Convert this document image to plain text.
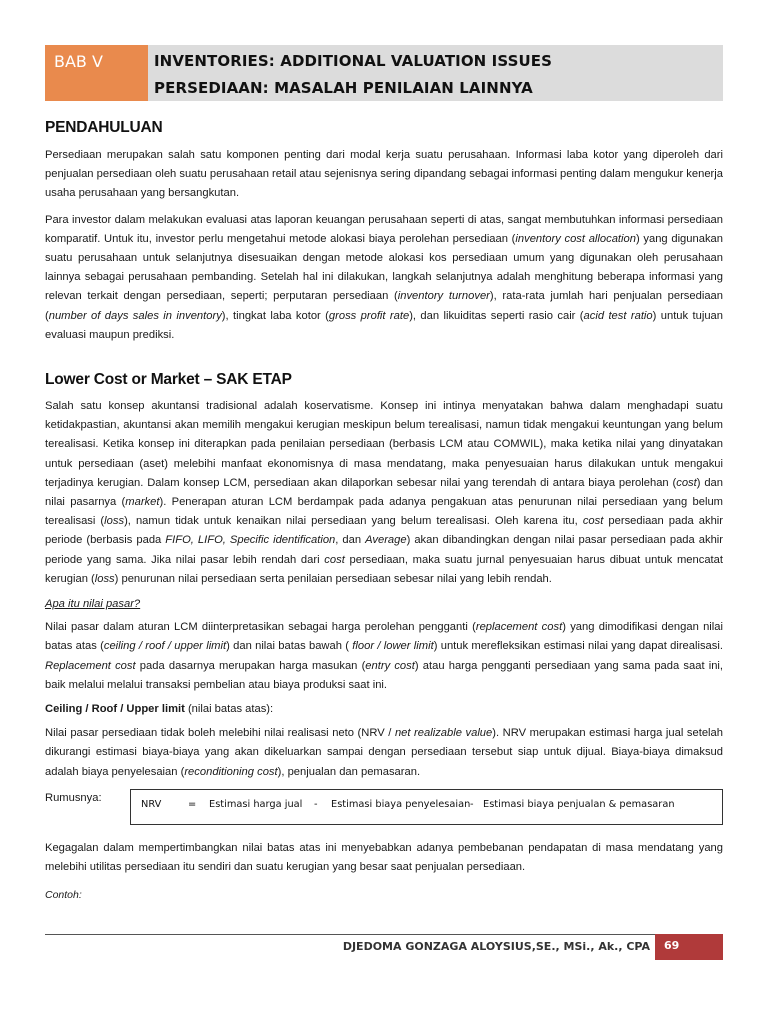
BAB V	INVENTORIES: ADDITIONAL VALUATION ISSUES
PERSEDIAAN: MASALAH PENILAIAN LAINNYA
PENDAHULUAN

Persediaan merupakan salah satu komponen penting dari modal kerja suatu perusahaan. Informasi laba kotor yang diperoleh dari penjualan persediaan oleh suatu perusahaan retail atau sejenisnya sering dipandang sebagai informasi penting dalam mengukur kenerja usaha perusahaan yang bersangkutan.

Para investor dalam melakukan evaluasi atas laporan keuangan perusahaan seperti di atas, sangat membutuhkan informasi persediaan komparatif. Untuk itu, investor perlu mengetahui metode alokasi biaya perolehan persediaan (inventory cost allocation) yang digunakan suatu perusahaan untuk selanjutnya disesuaikan dengan metode alokasi kos persediaan umum yang digunakan oleh perusahaan lainnya sebagai perusahaan pembanding. Setelah hal ini dilakukan, langkah selanjutnya adalah menghitung beberapa informasi yang relevan terkait dengan persediaan, seperti; perputaran persediaan (inventory turnover), rata-rata jumlah hari penjualan persediaan (number of days sales in inventory), tingkat laba kotor (gross profit rate), dan likuiditas seperti rasio cair (acid test ratio) untuk tujuan evaluasi maupun prediksi.

Lower Cost or Market – SAK ETAP

Salah satu konsep akuntansi tradisional adalah koservatisme. Konsep ini intinya menyatakan bahwa dalam menghadapi suatu ketidakpastian, akuntansi akan memilih mengakui kerugian meskipun belum terealisasi, namun tidak mengakui keuntungan yang belum terealisasi. Ketika konsep ini diterapkan pada penilaian persediaan (berbasis LCM atau COMWIL), maka ketika nilai yang dinyatakan untuk persediaan (aset) melebihi manfaat ekonomisnya di masa mendatang, maka penyesuaian harus dilakukan untuk mengakui terjadinya kerugian. Dalam konsep LCM, persediaan akan dilaporkan sebesar nilai yang terendah di antara biaya perolehan (cost) dan nilai pasarnya (market). Penerapan aturan LCM berdampak pada adanya pengakuan atas penurunan nilai persediaan yang belum terealisasi (loss), namun tidak untuk kenaikan nilai persediaan yang belum terealisasi. Oleh karena itu, cost persediaan pada akhir periode (berbasis pada FIFO, LIFO, Specific identification, dan Average) akan dibandingkan dengan nilai pasar persediaan pada akhir periode yang sama. Jika nilai pasar lebih rendah dari cost persediaan, maka suatu jurnal penyesuaian harus dibuat untuk mencatat kerugian (loss) penurunan nilai persediaan serta penilaian persediaan sebesar nilai yang lebih rendah.

Apa itu nilai pasar?

Nilai pasar dalam aturan LCM diinterpretasikan sebagai harga perolehan pengganti (replacement cost) yang dimodifikasi dengan nilai batas atas (ceiling / roof / upper limit) dan nilai batas bawah ( floor / lower limit) untuk merefleksikan estimasi nilai yang dapat direalisasi. Replacement cost pada dasarnya merupakan harga masukan (entry cost) atau harga pengganti persediaan yang sama pada saat ini, baik melalui melalui transaksi pembelian atau biaya produksi saat ini.

Ceiling / Roof / Upper limit (nilai batas atas):

Nilai pasar persediaan tidak boleh melebihi nilai realisasi neto (NRV / net realizable value). NRV merupakan estimasi harga jual setelah dikurangi estimasi biaya-biaya yang akan dikeluarkan sampai dengan persediaan tersebut siap untuk dijual. Biaya-biaya dimaksud adalah biaya penyelesaian (reconditioning cost), penjualan dan pemasaran.

Rumusnya:
NRV	= Estimasi harga jual - Estimasi biaya penyelesaian - Estimasi biaya penjualan & pemasaran

Kegagalan dalam mempertimbangkan nilai batas atas ini menyebabkan adanya pembebanan pendapatan di masa mendatang yang melebihi utilitas persediaan itu sendiri dan suatu kerugian yang besar saat penjualan persediaan.

Contoh:

DJEDOMA GONZAGA ALOYSIUS,SE., MSi., Ak., CPA 69
